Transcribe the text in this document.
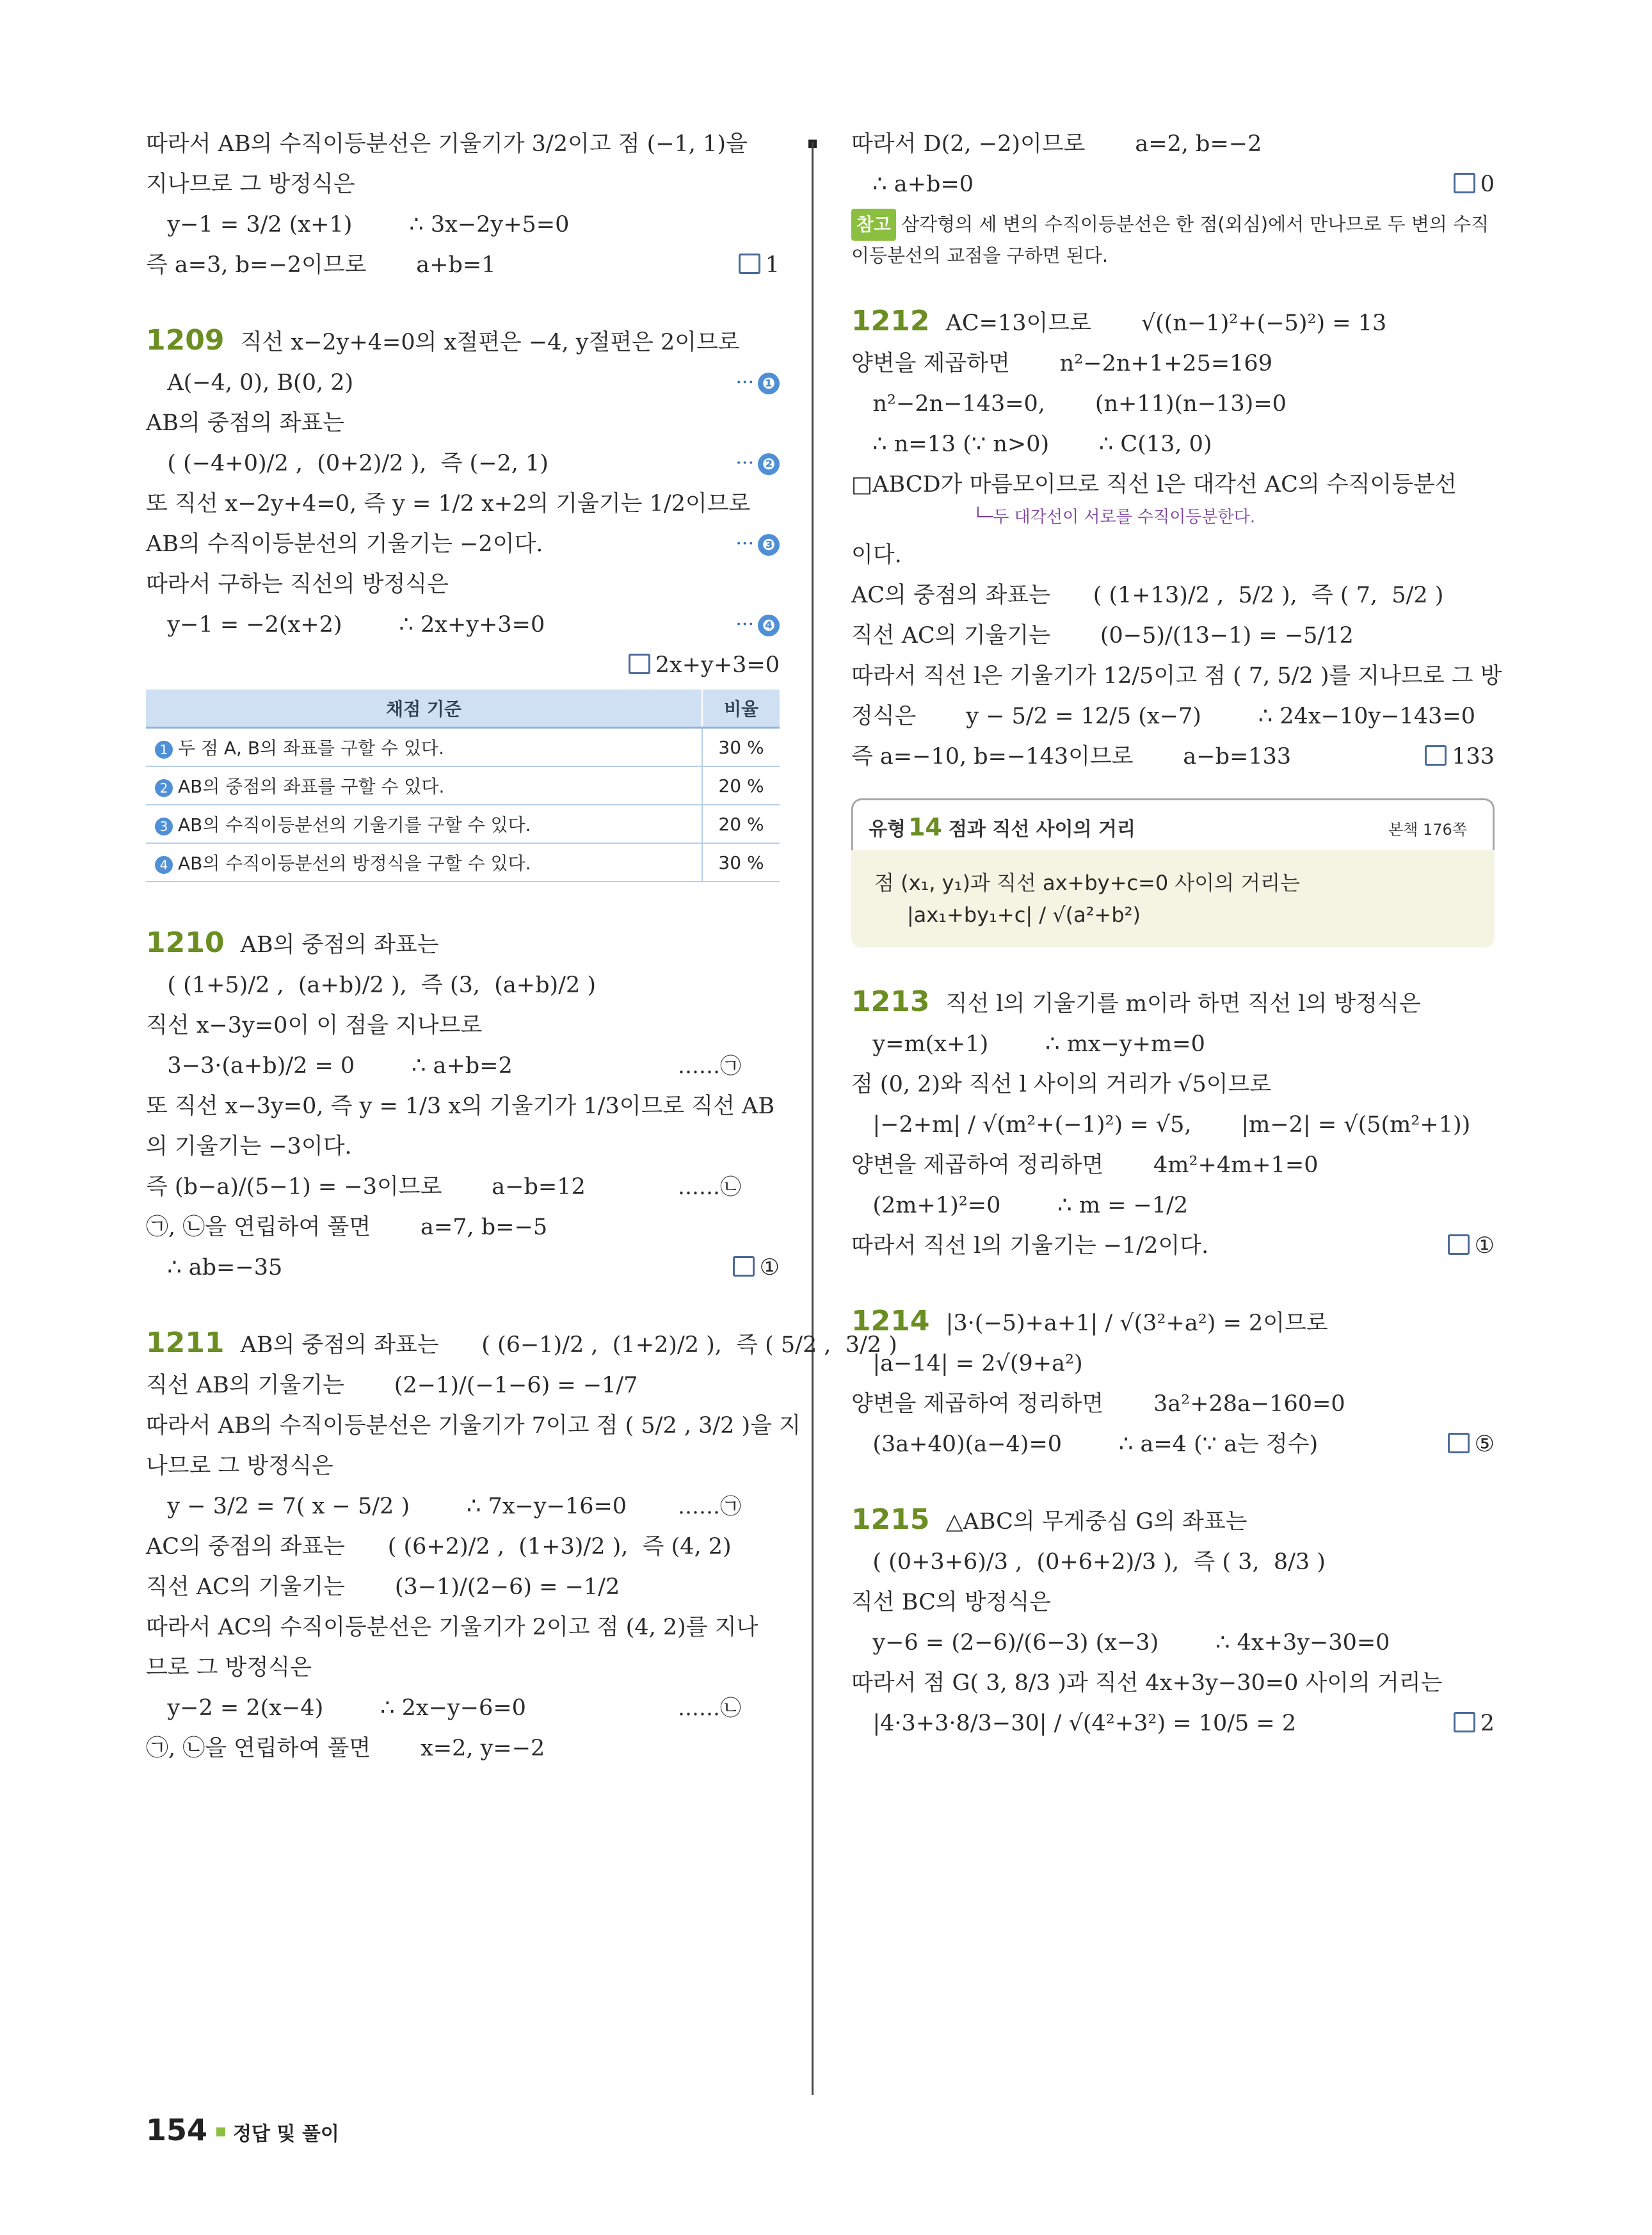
따라서 AB의 수직이등분선은 기울기가 3/2이고 점 (−1, 1)을
지나므로 그 방정식은
y−1 = 3/2 (x+1)        ∴ 3x−2y+5=0
즉 a=3, b=−2이므로       a+b=1	1
1209 직선 x−2y+4=0의 x절편은 −4, y절편은 2이므로
A(−4, 0), B(0, 2)	··· ❶
AB의 중점의 좌표는
( (−4+0)/2 ,  (0+2)/2 ),  즉 (−2, 1)	··· ❷
또 직선 x−2y+4=0, 즉 y = 1/2 x+2의 기울기는 1/2이므로
AB의 수직이등분선의 기울기는 −2이다.	··· ❸
따라서 구하는 직선의 방정식은
y−1 = −2(x+2)        ∴ 2x+y+3=0	··· ❹

2x+y+3=0
채점 기준	비율
1 두 점 A, B의 좌표를 구할 수 있다.	30 %
2 AB의 중점의 좌표를 구할 수 있다.	20 %
3 AB의 수직이등분선의 기울기를 구할 수 있다.	20 %
4 AB의 수직이등분선의 방정식을 구할 수 있다.	30 %
1210 AB의 중점의 좌표는
( (1+5)/2 ,  (a+b)/2 ),  즉 (3,  (a+b)/2 )
직선 x−3y=0이 이 점을 지나므로
3−3·(a+b)/2 = 0        ∴ a+b=2	……㉠
또 직선 x−3y=0, 즉 y = 1/3 x의 기울기가 1/3이므로 직선 AB
의 기울기는 −3이다.
즉 (b−a)/(5−1) = −3이므로       a−b=12	……㉡
㉠, ㉡을 연립하여 풀면       a=7, b=−5
∴ ab=−35	①
1211 AB의 중점의 좌표는      ( (6−1)/2 ,  (1+2)/2 ),  즉 ( 5/2 ,  3/2 )
직선 AB의 기울기는       (2−1)/(−1−6) = −1/7
따라서 AB의 수직이등분선은 기울기가 7이고 점 ( 5/2 , 3/2 )을 지
나므로 그 방정식은
y − 3/2 = 7( x − 5/2 )        ∴ 7x−y−16=0 ……㉠
AC의 중점의 좌표는      ( (6+2)/2 ,  (1+3)/2 ),  즉 (4, 2)
직선 AC의 기울기는       (3−1)/(2−6) = −1/2
따라서 AC의 수직이등분선은 기울기가 2이고 점 (4, 2)를 지나
므로 그 방정식은
y−2 = 2(x−4)        ∴ 2x−y−6=0	……㉡
㉠, ㉡을 연립하여 풀면       x=2, y=−2
따라서 D(2, −2)이므로       a=2, b=−2
∴ a+b=0	0
참고 삼각형의 세 변의 수직이등분선은 한 점(외심)에서 만나므로 두 변의 수직이등분선의 교점을 구하면 된다.
1212 AC=13이므로       √((n−1)²+(−5)²) = 13
양변을 제곱하면       n²−2n+1+25=169
n²−2n−143=0,       (n+11)(n−13)=0
∴ n=13 (∵ n>0)       ∴ C(13, 0)
□ABCD가 마름모이므로 직선 l은 대각선 AC의 수직이등분선
└─두 대각선이 서로를 수직이등분한다.
이다.
AC의 중점의 좌표는      ( (1+13)/2 ,  5/2 ),  즉 ( 7,  5/2 )
직선 AC의 기울기는       (0−5)/(13−1) = −5/12
따라서 직선 l은 기울기가 12/5이고 점 ( 7, 5/2 )를 지나므로 그 방
정식은       y − 5/2 = 12/5 (x−7)        ∴ 24x−10y−143=0
즉 a=−10, b=−143이므로       a−b=133	133
유형 14 점과 직선 사이의 거리	본책 176쪽
점 (x₁, y₁)과 직선 ax+by+c=0 사이의 거리는
|ax₁+by₁+c| / √(a²+b²)
1213 직선 l의 기울기를 m이라 하면 직선 l의 방정식은
y=m(x+1)        ∴ mx−y+m=0
점 (0, 2)와 직선 l 사이의 거리가 √5이므로
|−2+m| / √(m²+(−1)²) = √5,       |m−2| = √(5(m²+1))
양변을 제곱하여 정리하면       4m²+4m+1=0
(2m+1)²=0        ∴ m = −1/2
따라서 직선 l의 기울기는 −1/2이다.	①
1214 |3·(−5)+a+1| / √(3²+a²) = 2이므로
|a−14| = 2√(9+a²)
양변을 제곱하여 정리하면       3a²+28a−160=0
(3a+40)(a−4)=0        ∴ a=4 (∵ a는 정수)	⑤
1215 △ABC의 무게중심 G의 좌표는
( (0+3+6)/3 ,  (0+6+2)/3 ),  즉 ( 3,  8/3 )
직선 BC의 방정식은
y−6 = (2−6)/(6−3) (x−3)        ∴ 4x+3y−30=0
따라서 점 G( 3, 8/3 )과 직선 4x+3y−30=0 사이의 거리는
|4·3+3·8/3−30| / √(4²+3²) = 10/5 = 2	2
154 정답 및 풀이
